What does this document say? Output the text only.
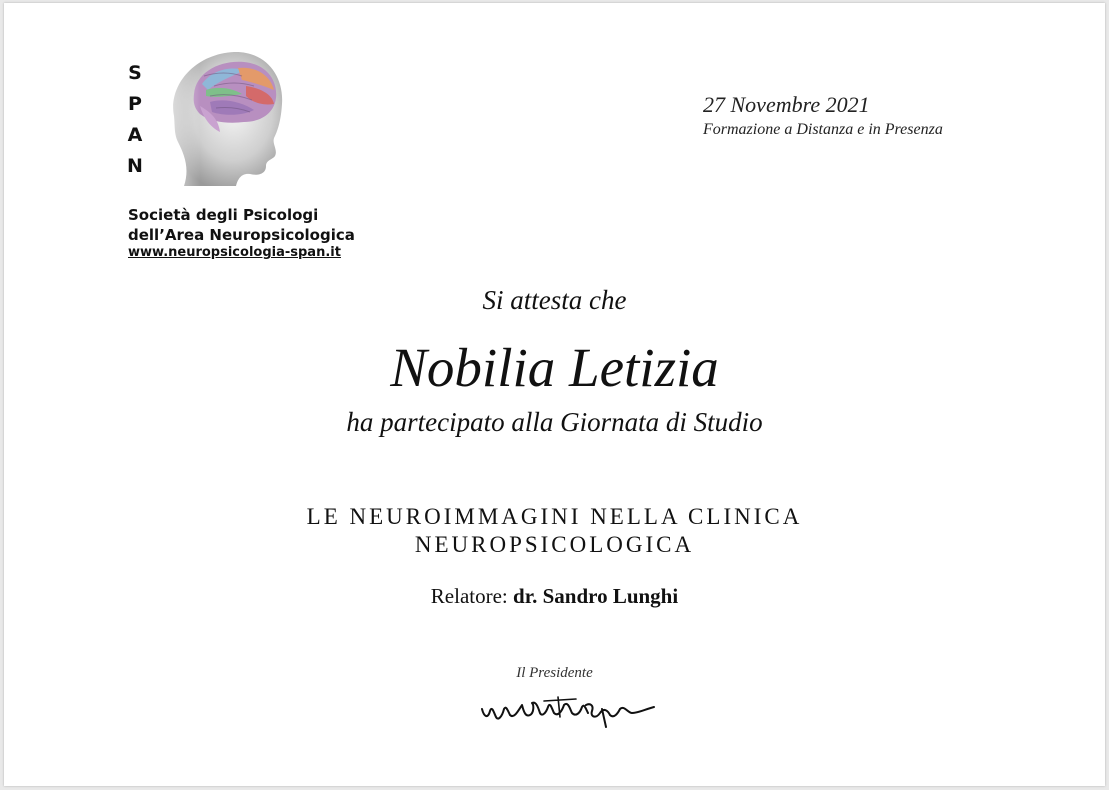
S
P
A
N
Società degli Psicologi
dell’Area Neuropsicologica
www.neuropsicologia-span.it
27 Novembre 2021
Formazione a Distanza e in Presenza
Si attesta che
Nobilia Letizia
ha partecipato alla Giornata di Studio
LE NEUROIMMAGINI NELLA CLINICA
NEUROPSICOLOGICA
Relatore: dr. Sandro Lunghi
Il Presidente
